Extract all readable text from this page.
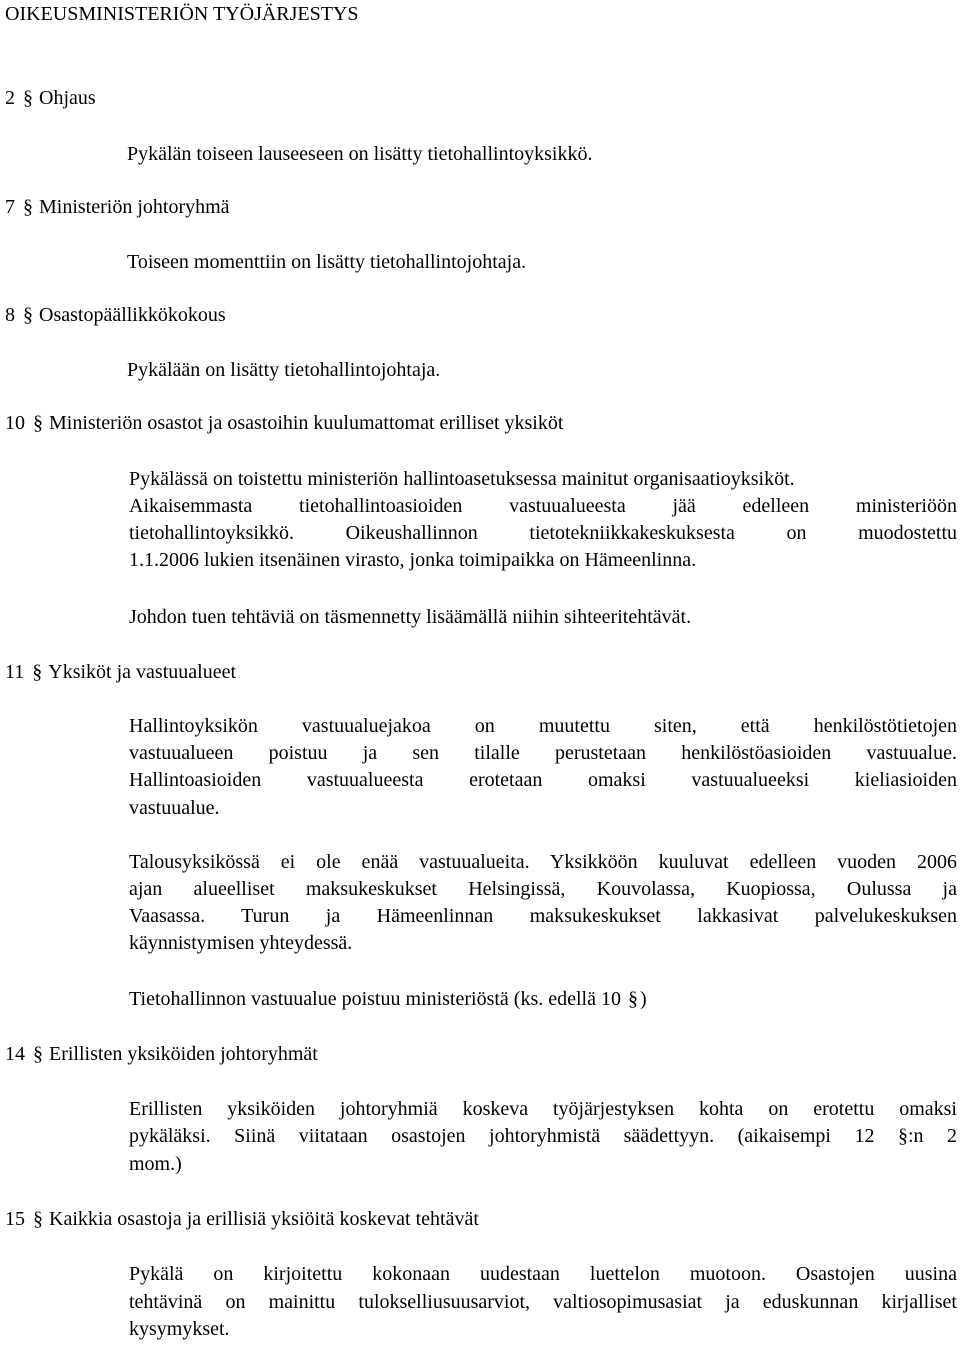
OIKEUSMINISTERIÖN TYÖJÄRJESTYS
2 § Ohjaus
Pykälän toiseen lauseeseen on lisätty tietohallintoyksikkö.
7 § Ministeriön johtoryhmä
Toiseen momenttiin on lisätty tietohallintojohtaja.
8 § Osastopäällikkökokous
Pykälään on lisätty tietohallintojohtaja.
10 § Ministeriön osastot ja osastoihin kuulumattomat erilliset yksiköt
Pykälässä on toistettu ministeriön hallintoasetuksessa mainitut organisaatioyksiköt.
Aikaisemmasta tietohallintoasioiden vastuualueesta jää edelleen ministeriöön
tietohallintoyksikkö. Oikeushallinnon tietotekniikkakeskuksesta on muodostettu
1.1.2006 lukien itsenäinen virasto, jonka toimipaikka on Hämeenlinna.
Johdon tuen tehtäviä on täsmennetty lisäämällä niihin sihteeritehtävät.
11 § Yksiköt ja vastuualueet
Hallintoyksikön vastuualuejakoa on muutettu siten, että henkilöstötietojen
vastuualueen poistuu ja sen tilalle perustetaan henkilöstöasioiden vastuualue.
Hallintoasioiden vastuualueesta erotetaan omaksi vastuualueeksi kieliasioiden
vastuualue.
Talousyksikössä ei ole enää vastuualueita. Yksikköön kuuluvat edelleen vuoden 2006
ajan alueelliset maksukeskukset Helsingissä, Kouvolassa, Kuopiossa, Oulussa ja
Vaasassa. Turun ja Hämeenlinnan maksukeskukset lakkasivat palvelukeskuksen
käynnistymisen yhteydessä.
Tietohallinnon vastuualue poistuu ministeriöstä (ks. edellä 10 § )
14 § Erillisten yksiköiden johtoryhmät
Erillisten yksiköiden johtoryhmiä koskeva työjärjestyksen kohta on erotettu omaksi
pykäläksi. Siinä viitataan osastojen johtoryhmistä säädettyyn. (aikaisempi 12 §:n 2
mom.)
15 § Kaikkia osastoja ja erillisiä yksiöitä koskevat tehtävät
Pykälä on kirjoitettu kokonaan uudestaan luettelon muotoon. Osastojen uusina
tehtävinä on mainittu tulokselliusuusarviot, valtiosopimusasiat ja eduskunnan kirjalliset
kysymykset.
